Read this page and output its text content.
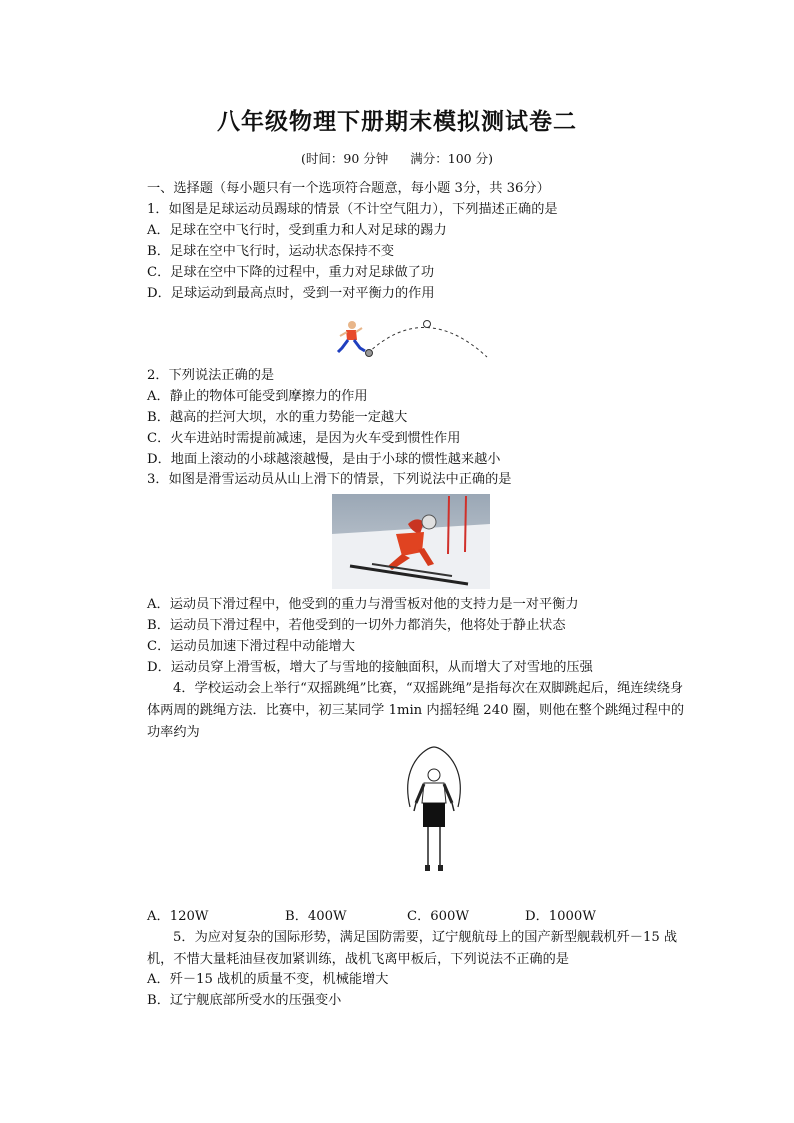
八年级物理下册期末模拟测试卷二
(时间：90 分钟 满分：100 分)
一、选择题（每小题只有一个选项符合题意，每小题 3分，共 36分）
1．如图是足球运动员踢球的情景（不计空气阻力），下列描述正确的是
A．足球在空中飞行时，受到重力和人对足球的踢力
B．足球在空中飞行时，运动状态保持不变
C．足球在空中下降的过程中，重力对足球做了功
D．足球运动到最高点时，受到一对平衡力的作用
2．下列说法正确的是
A．静止的物体可能受到摩擦力的作用
B．越高的拦河大坝，水的重力势能一定越大
C．火车进站时需提前减速，是因为火车受到惯性作用
D．地面上滚动的小球越滚越慢，是由于小球的惯性越来越小
3．如图是滑雪运动员从山上滑下的情景，下列说法中正确的是
A．运动员下滑过程中，他受到的重力与滑雪板对他的支持力是一对平衡力
B．运动员下滑过程中，若他受到的一切外力都消失，他将处于静止状态
C．运动员加速下滑过程中动能增大
D．运动员穿上滑雪板，增大了与雪地的接触面积，从而增大了对雪地的压强
4．学校运动会上举行“双摇跳绳”比赛，“双摇跳绳”是指每次在双脚跳起后，绳连续绕身体两周的跳绳方法．比赛中，初三某同学 1min 内摇轻绳 240 圈，则他在整个跳绳过程中的功率约为
A．120W	B．400W	C．600W	D．1000W
5．为应对复杂的国际形势，满足国防需要，辽宁舰航母上的国产新型舰载机歼－15 战机，不惜大量耗油昼夜加紧训练，战机飞离甲板后，下列说法不正确的是
A．歼－15 战机的质量不变，机械能增大
B．辽宁舰底部所受水的压强变小
